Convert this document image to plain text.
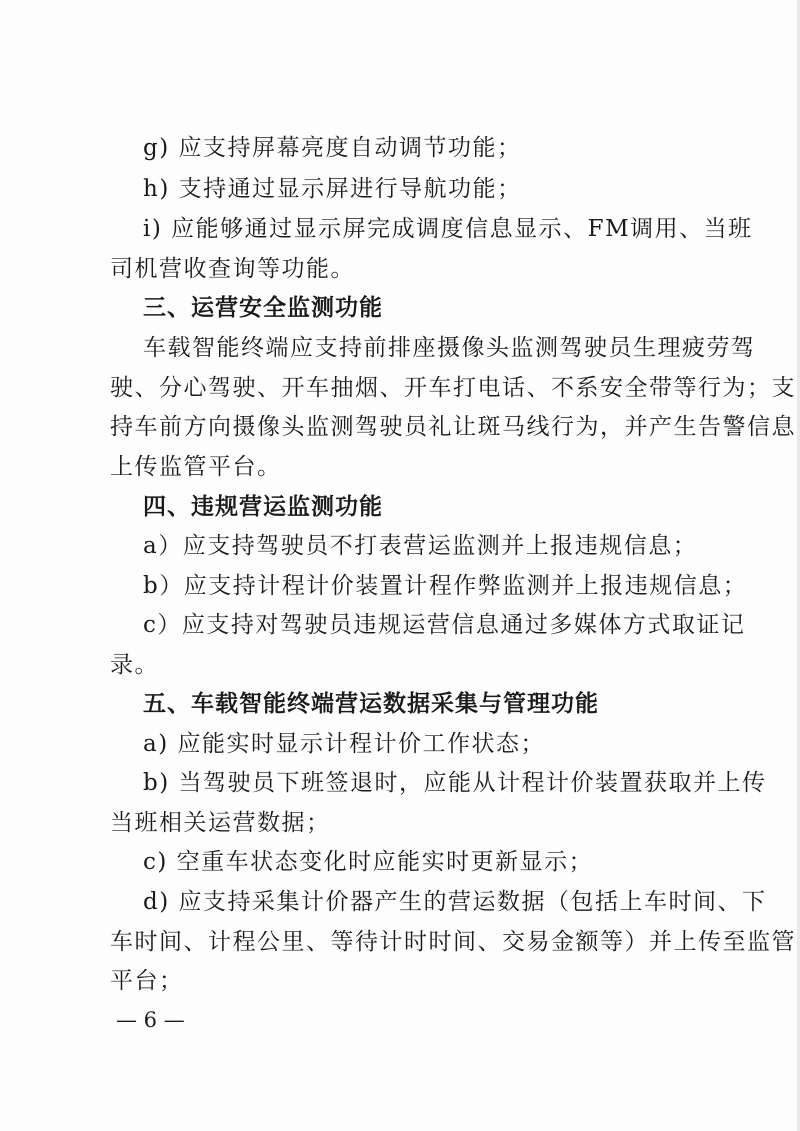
g) 应支持屏幕亮度自动调节功能；
h) 支持通过显示屏进行导航功能；
i) 应能够通过显示屏完成调度信息显示、FM调用、当班
司机营收查询等功能。
三、运营安全监测功能
车载智能终端应支持前排座摄像头监测驾驶员生理疲劳驾
驶、分心驾驶、开车抽烟、开车打电话、不系安全带等行为；支
持车前方向摄像头监测驾驶员礼让斑马线行为，并产生告警信息
上传监管平台。
四、违规营运监测功能
a）应支持驾驶员不打表营运监测并上报违规信息；
b）应支持计程计价装置计程作弊监测并上报违规信息；
c）应支持对驾驶员违规运营信息通过多媒体方式取证记
录。
五、车载智能终端营运数据采集与管理功能
a) 应能实时显示计程计价工作状态；
b) 当驾驶员下班签退时，应能从计程计价装置获取并上传
当班相关运营数据；
c) 空重车状态变化时应能实时更新显示；
d) 应支持采集计价器产生的营运数据（包括上车时间、下
车时间、计程公里、等待计时时间、交易金额等）并上传至监管
平台；
— 6 —
